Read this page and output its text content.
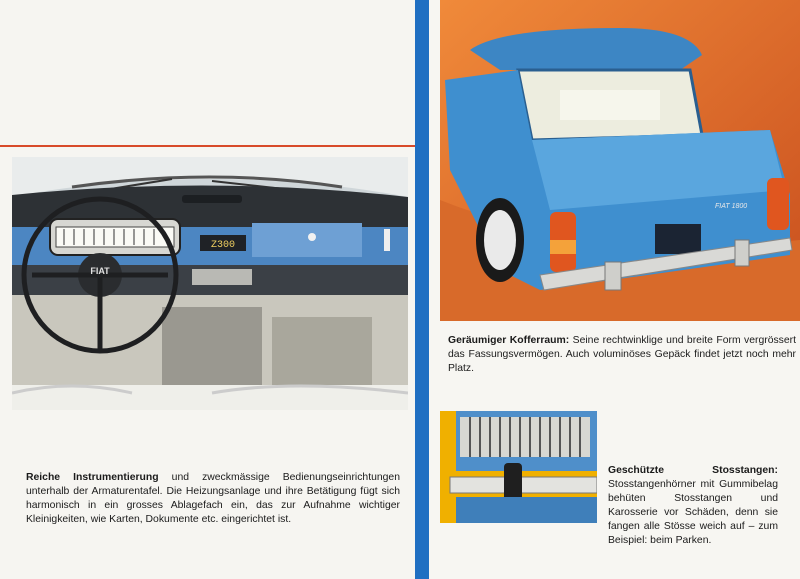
Z300
FIAT
FIAT 1800

Reiche Instrumentierung und zweckmässige Bedienungseinrichtungen unterhalb der Armaturentafel. Die Heizungsanlage und ihre Betätigung fügt sich harmonisch in ein grosses Ablagefach ein, das zur Aufnahme wichtiger Kleinigkeiten, wie Karten, Dokumente etc. eingerichtet ist.

Geräumiger Kofferraum: Seine rechtwinklige und breite Form vergrössert das Fassungsvermögen. Auch voluminöses Gepäck findet jetzt noch mehr Platz.

Geschützte Stosstangen: Stosstangenhörner mit Gummibelag behüten Stosstangen und Karosserie vor Schäden, denn sie fangen alle Stösse weich auf – zum Beispiel: beim Parken.
